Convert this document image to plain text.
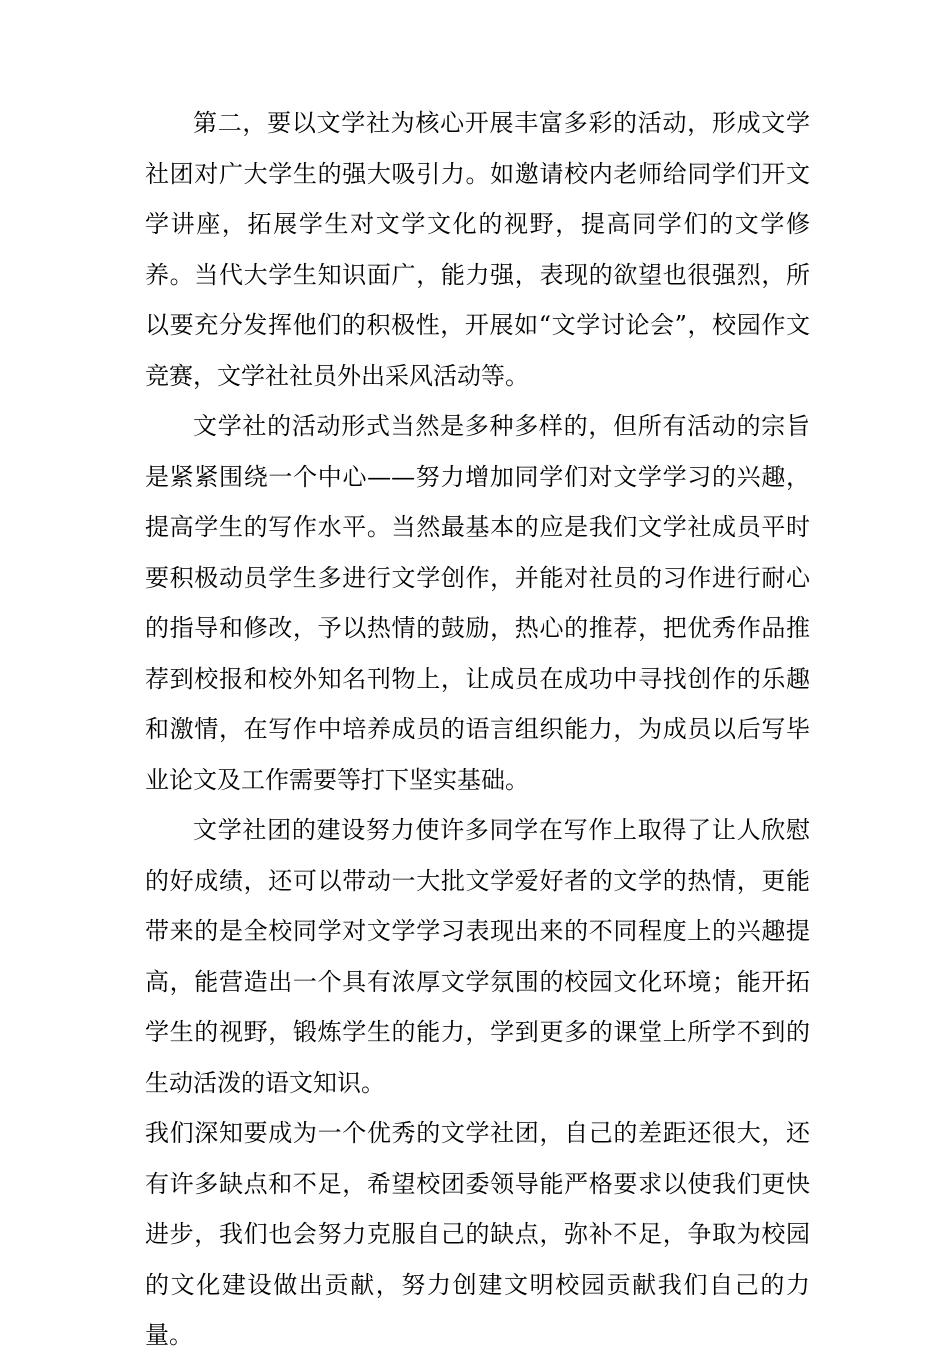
第二，要以文学社为核心开展丰富多彩的活动，形成文学社团对广大学生的强大吸引力。如邀请校内老师给同学们开文学讲座，拓展学生对文学文化的视野，提高同学们的文学修养。当代大学生知识面广，能力强，表现的欲望也很强烈，所以要充分发挥他们的积极性，开展如“文学讨论会”，校园作文竞赛，文学社社员外出采风活动等。

文学社的活动形式当然是多种多样的，但所有活动的宗旨是紧紧围绕一个中心——努力增加同学们对文学学习的兴趣，提高学生的写作水平。当然最基本的应是我们文学社成员平时要积极动员学生多进行文学创作，并能对社员的习作进行耐心的指导和修改，予以热情的鼓励，热心的推荐，把优秀作品推荐到校报和校外知名刊物上，让成员在成功中寻找创作的乐趣和激情，在写作中培养成员的语言组织能力，为成员以后写毕业论文及工作需要等打下坚实基础。

文学社团的建设努力使许多同学在写作上取得了让人欣慰的好成绩，还可以带动一大批文学爱好者的文学的热情，更能带来的是全校同学对文学学习表现出来的不同程度上的兴趣提高，能营造出一个具有浓厚文学氛围的校园文化环境；能开拓学生的视野，锻炼学生的能力，学到更多的课堂上所学不到的生动活泼的语文知识。

我们深知要成为一个优秀的文学社团，自己的差距还很大，还有许多缺点和不足，希望校团委领导能严格要求以使我们更快进步，我们也会努力克服自己的缺点，弥补不足，争取为校园的文化建设做出贡献，努力创建文明校园贡献我们自己的力量。
